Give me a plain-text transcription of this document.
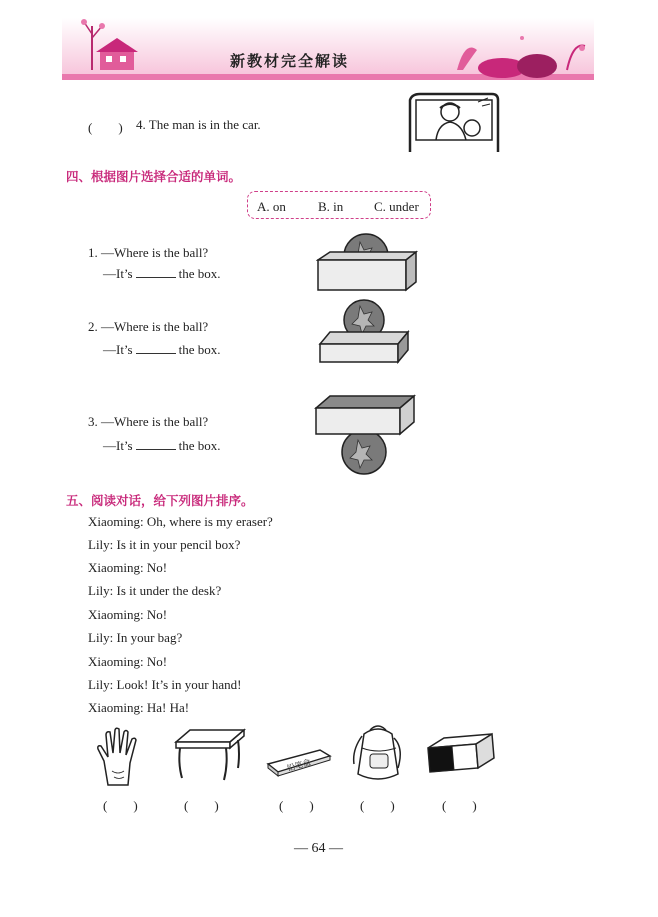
新教材完全解读
(　　) 4. The man is in the car.
四、根据图片选择合适的单词。
A. on B. in C. under
1. —Where is the ball?
—It’s	the box.
2. —Where is the ball?
—It’s	the box.
3. —Where is the ball?
—It’s	the box.
五、阅读对话，给下列图片排序。
Xiaoming: Oh, where is my eraser?
Lily: Is it in your pencil box?
Xiaoming: No!
Lily: Is it under the desk?
Xiaoming: No!
Lily: In your bag?
Xiaoming: No!
Lily: Look! It’s in your hand!
Xiaoming: Ha! Ha!
铅笔盒
(　　)	(　　)	(　　)	(　　)	(　　)
— 64 —
